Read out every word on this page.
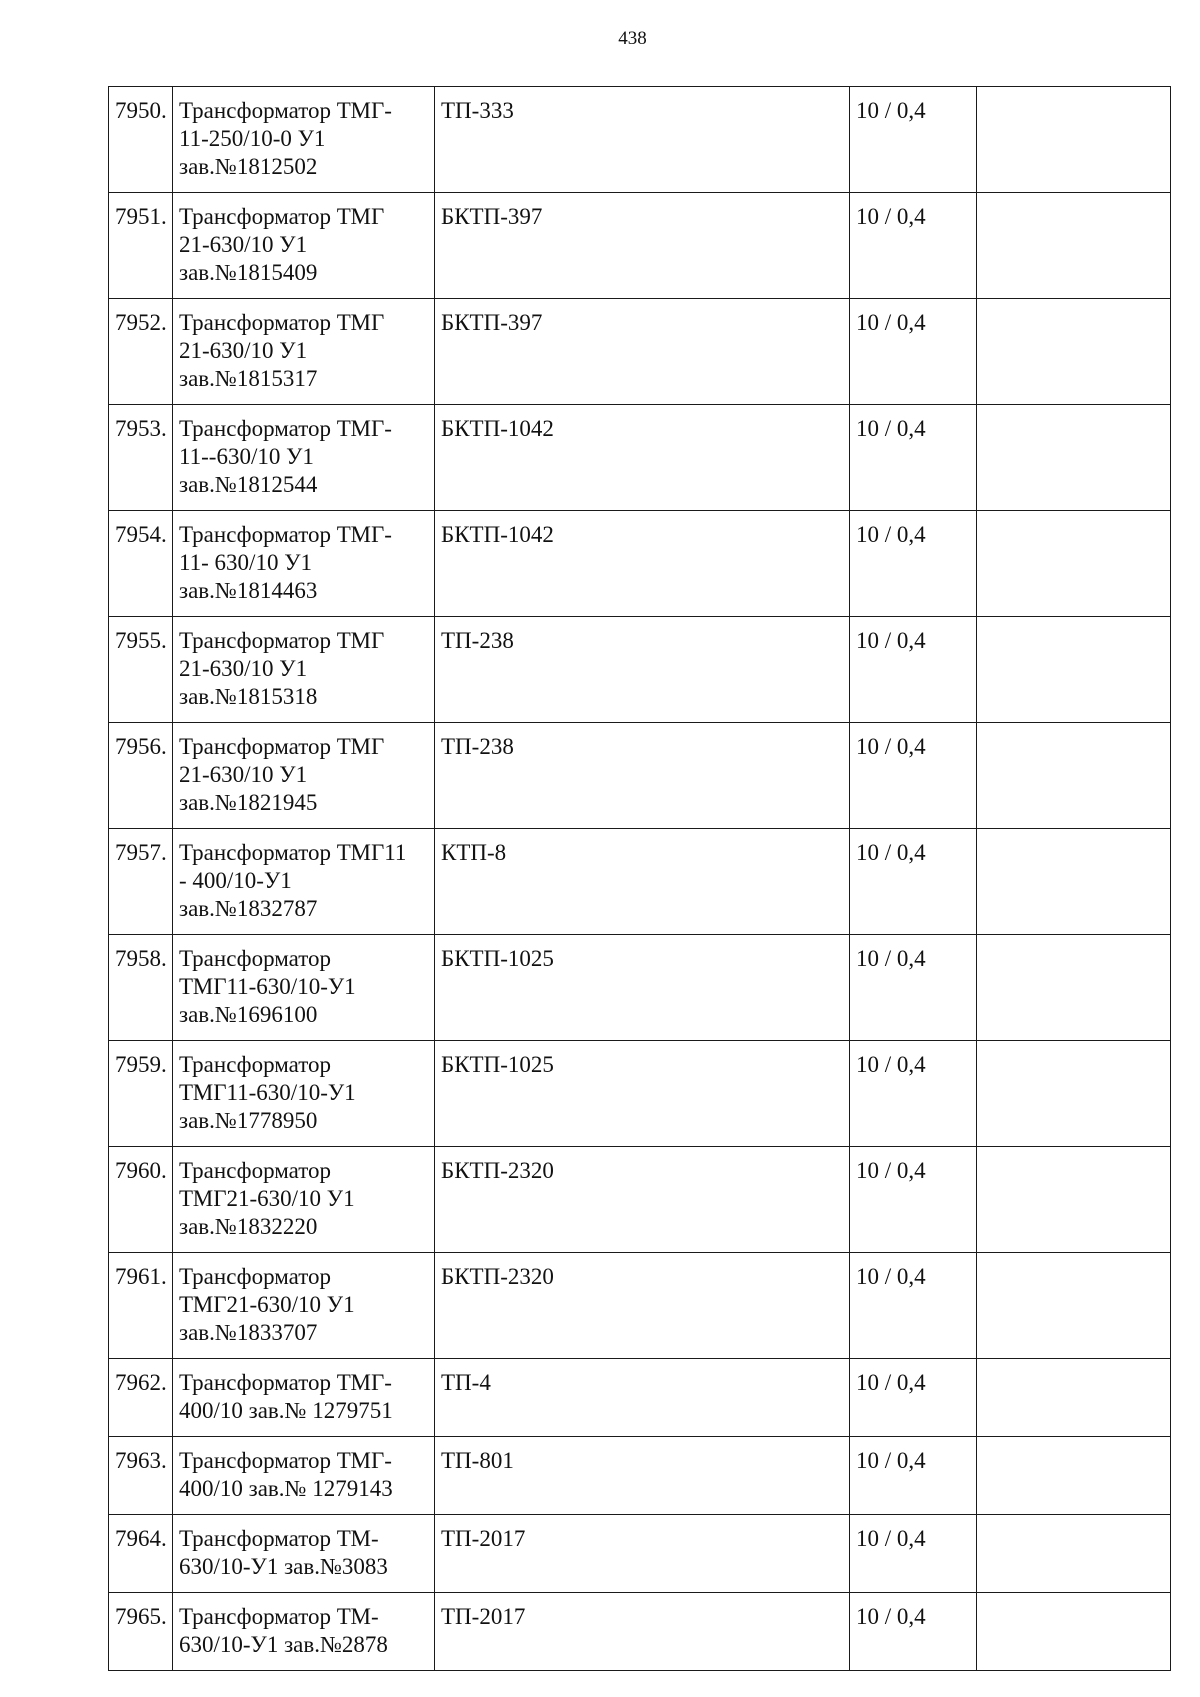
438
7950.	Трансформатор ТМГ-
11-250/10-0 У1
зав.№1812502	ТП-333	10 / 0,4	
7951.	Трансформатор ТМГ
21-630/10 У1
зав.№1815409	БКТП-397	10 / 0,4	
7952.	Трансформатор ТМГ
21-630/10 У1
зав.№1815317	БКТП-397	10 / 0,4	
7953.	Трансформатор ТМГ-
11--630/10 У1
зав.№1812544	БКТП-1042	10 / 0,4	
7954.	Трансформатор ТМГ-
11- 630/10 У1
зав.№1814463	БКТП-1042	10 / 0,4	
7955.	Трансформатор ТМГ
21-630/10 У1
зав.№1815318	ТП-238	10 / 0,4	
7956.	Трансформатор ТМГ
21-630/10 У1
зав.№1821945	ТП-238	10 / 0,4	
7957.	Трансформатор ТМГ11
- 400/10-У1
зав.№1832787	КТП-8	10 / 0,4	
7958.	Трансформатор
ТМГ11-630/10-У1
зав.№1696100	БКТП-1025	10 / 0,4	
7959.	Трансформатор
ТМГ11-630/10-У1
зав.№1778950	БКТП-1025	10 / 0,4	
7960.	Трансформатор
ТМГ21-630/10 У1
зав.№1832220	БКТП-2320	10 / 0,4	
7961.	Трансформатор
ТМГ21-630/10 У1
зав.№1833707	БКТП-2320	10 / 0,4	
7962.	Трансформатор ТМГ-
400/10 зав.№ 1279751	ТП-4	10 / 0,4	
7963.	Трансформатор ТМГ-
400/10 зав.№ 1279143	ТП-801	10 / 0,4	
7964.	Трансформатор ТМ-
630/10-У1 зав.№3083	ТП-2017	10 / 0,4	
7965.	Трансформатор ТМ-
630/10-У1 зав.№2878	ТП-2017	10 / 0,4	
